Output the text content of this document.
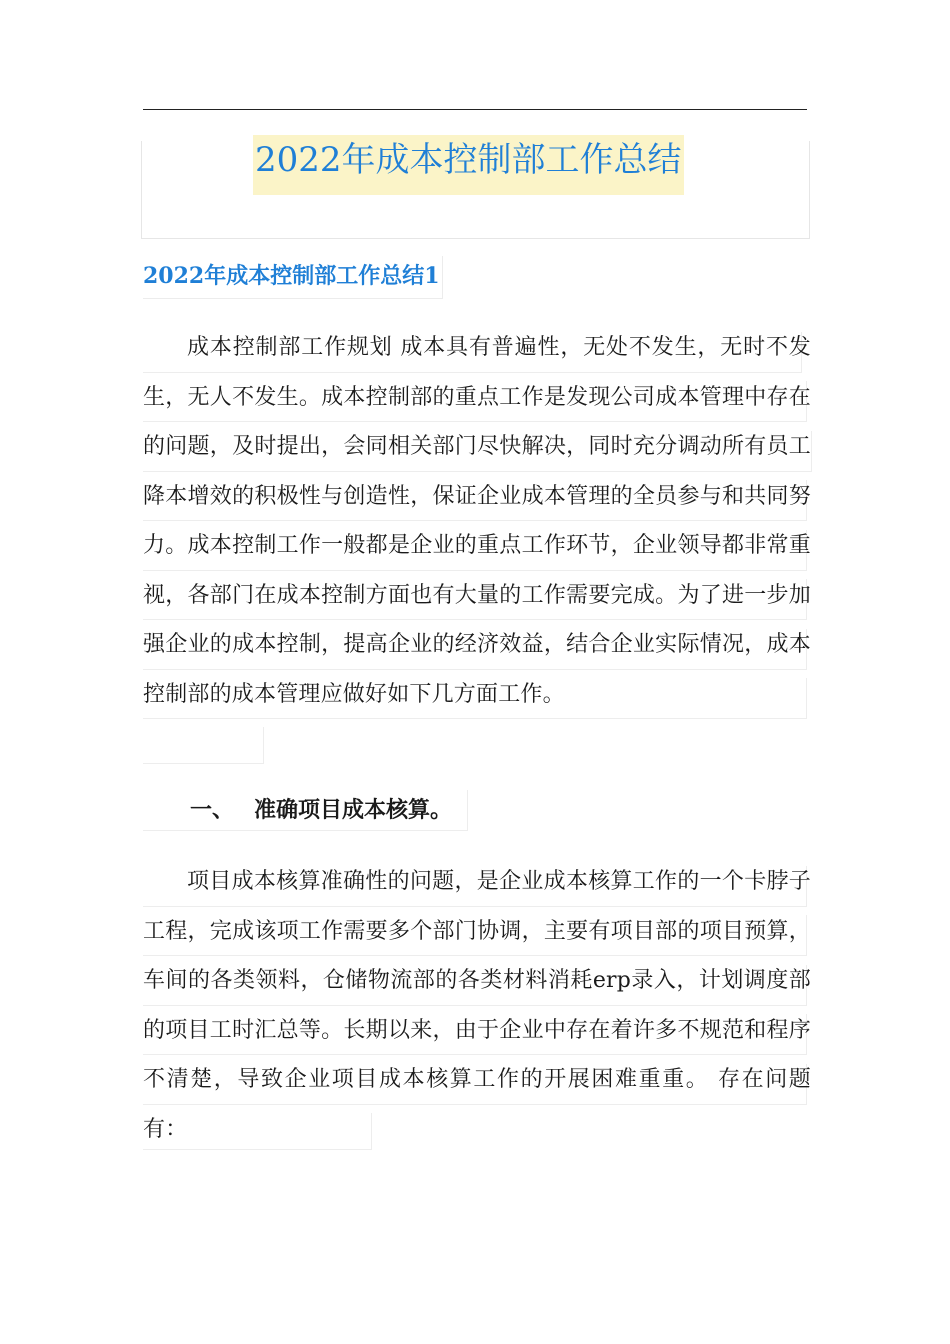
2022年成本控制部工作总结
2022年成本控制部工作总结1
成本控制部工作规划 成本具有普遍性，无处不发生，无时不发生，无人不发生。成本控制部的重点工作是发现公司成本管理中存在的问题，及时提出，会同相关部门尽快解决，同时充分调动所有员工降本增效的积极性与创造性，保证企业成本管理的全员参与和共同努力。成本控制工作一般都是企业的重点工作环节，企业领导都非常重视，各部门在成本控制方面也有大量的工作需要完成。为了进一步加强企业的成本控制，提高企业的经济效益，结合企业实际情况，成本控制部的成本管理应做好如下几方面工作。
一、 准确项目成本核算。
项目成本核算准确性的问题，是企业成本核算工作的一个卡脖子工程，完成该项工作需要多个部门协调，主要有项目部的项目预算，车间的各类领料，仓储物流部的各类材料消耗erp录入，计划调度部的项目工时汇总等。长期以来，由于企业中存在着许多不规范和程序不清楚，导致企业项目成本核算工作的开展困难重重。 存在问题有：
